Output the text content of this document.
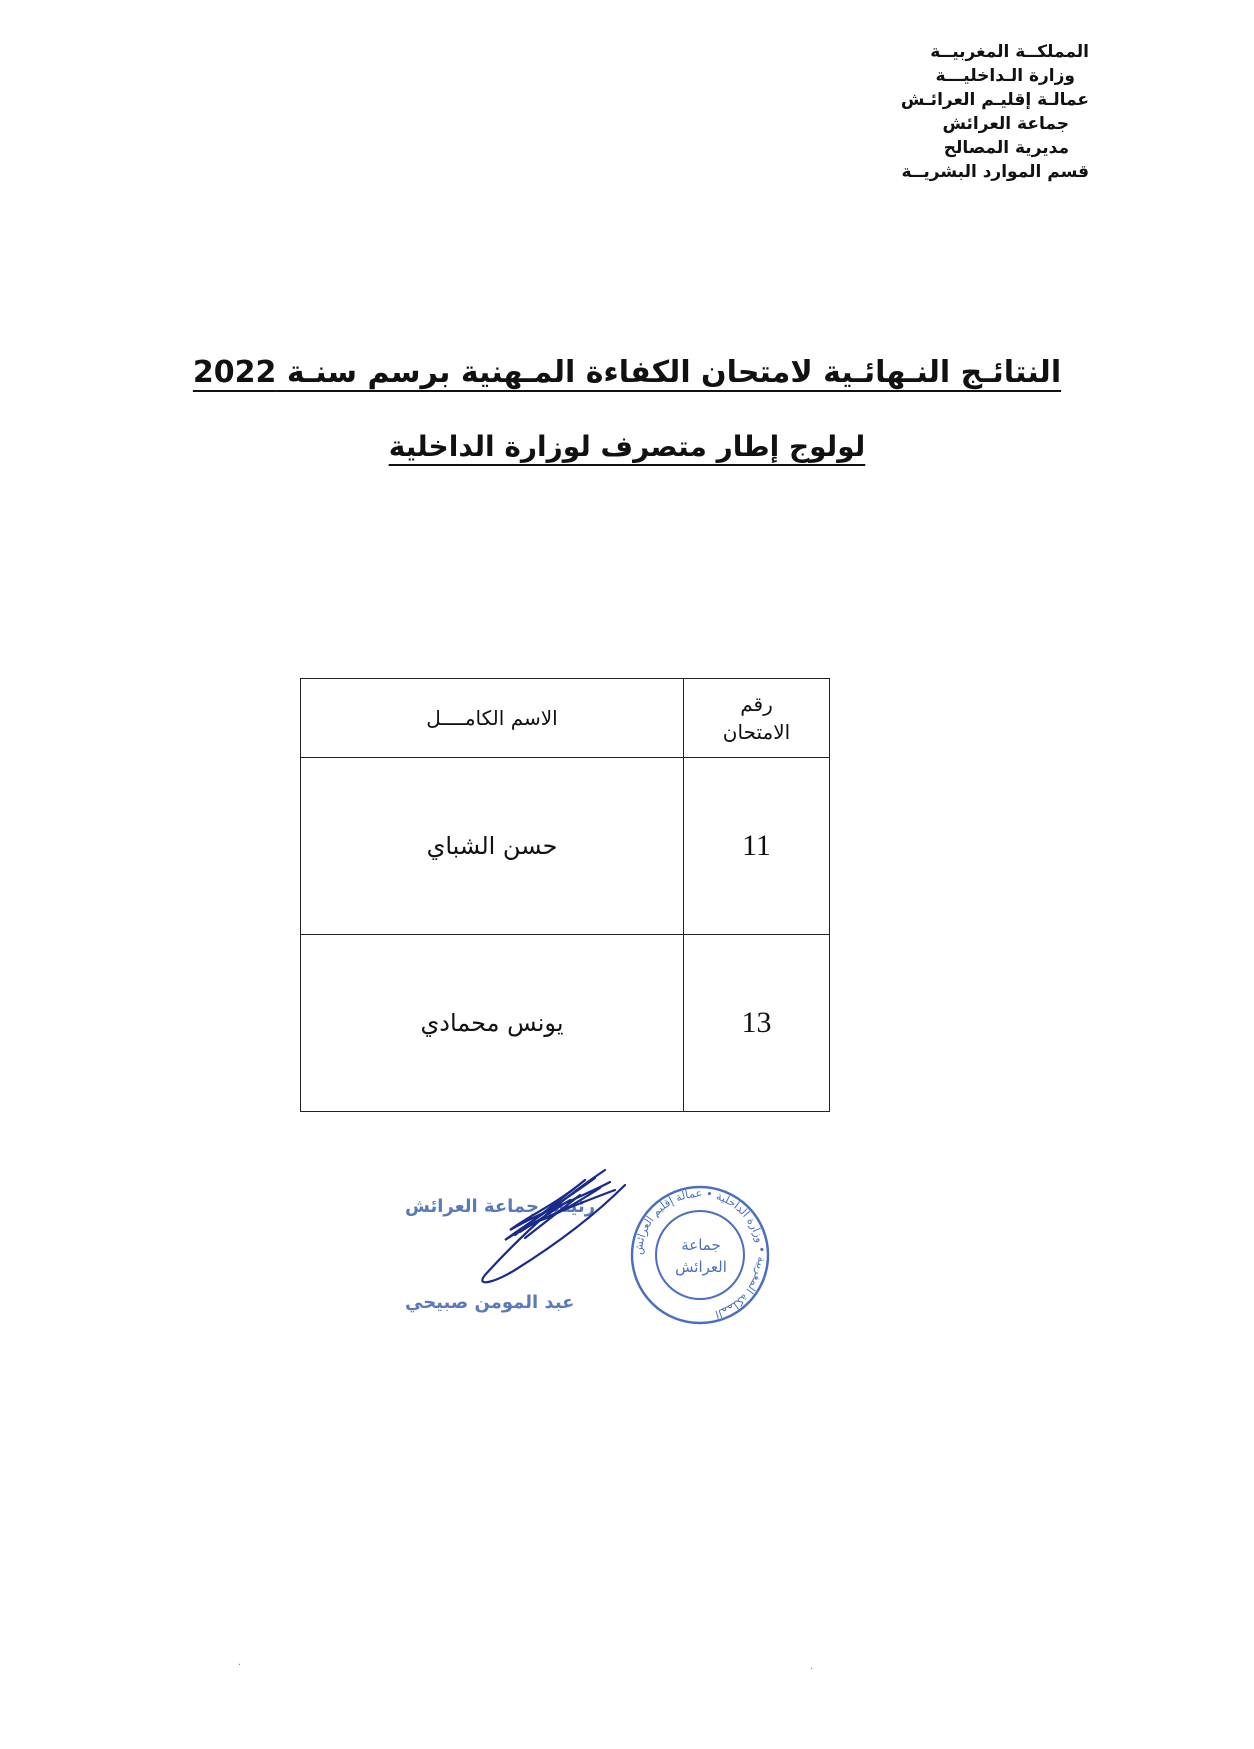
المملكــة المغربيــة
وزارة الـداخليـــة
عمالـة إقليـم العرائـش
جماعة العرائش
مديرية المصالح
قسم الموارد البشريــة
النتائـج النـهائـية لامتحان الكفاءة المـهنية برسم سنـة 2022
لولوج إطار متصرف لوزارة الداخلية
رقم
الامتحان	الاسم الكامــــل
11	حسن الشباي
13	يونس محمادي
رئيس جماعة العرائش
عبد المومن صبيحي
المملكة المغربية • وزارة الداخلية • عمالة إقليم العرائش
جماعة
العرائش
·	·
